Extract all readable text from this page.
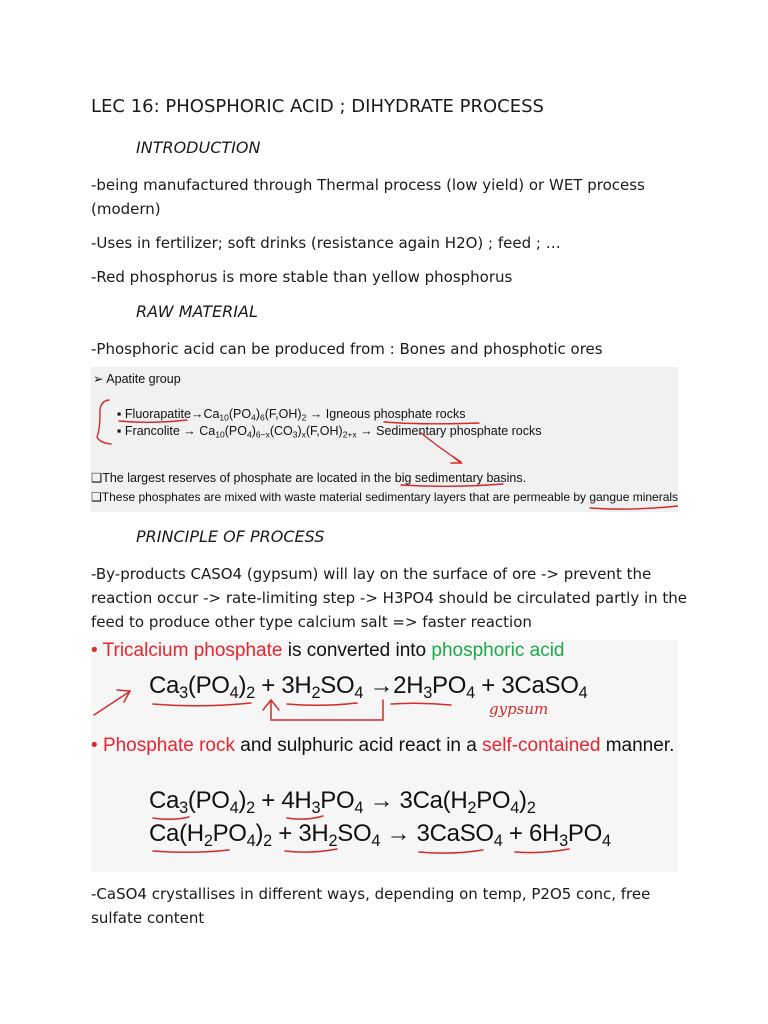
LEC 16: PHOSPHORIC ACID ; DIHYDRATE PROCESS
INTRODUCTION
-being manufactured through Thermal process (low yield) or WET process (modern)
-Uses in fertilizer; soft drinks (resistance again H2O) ; feed ; …
-Red phosphorus is more stable than yellow phosphorus
RAW MATERIAL
-Phosphoric acid can be produced from : Bones and phosphotic ores
➢ Apatite group
▪ $Fluorapatite\to Ca_{10}(PO_4)_6(F,OH)_2$ → Igneous phosphate rocks
▪ Francolite → $Ca_{10}(PO_4)_{6-x}(CO_3)_x(F,OH)_{2+x}$ → Sedimentary phosphate rocks
❑The largest reserves of phosphate are located in the big sedimentary basins.
❑These phosphates are mixed with waste material sedimentary layers that are permeable by gangue minerals
PRINCIPLE OF PROCESS
-By-products CASO4 (gypsum) will lay on the surface of ore -> prevent the reaction occur -> rate-limiting step -> H3PO4 should be circulated partly in the feed to produce other type calcium salt => faster reaction
• Tricalcium phosphate is converted into phosphoric acid
$Ca_3(PO_4)_2 + 3H_2SO_4 \to 2H_3PO_4$ + 3CaSO$_4$
• Phosphate rock and sulphuric acid react in a self-contained manner.
$Ca_3(PO_4)_2 + 4H_3PO_4 \to 3Ca(H_2PO_4)_2$
$Ca(H_2PO_4)_2 + 3H_2SO_4$ → 3CaSO$_4$ + $6H_3PO_4$
gypsum
-CaSO4 crystallises in different ways, depending on temp, P2O5 conc, free sulfate content
